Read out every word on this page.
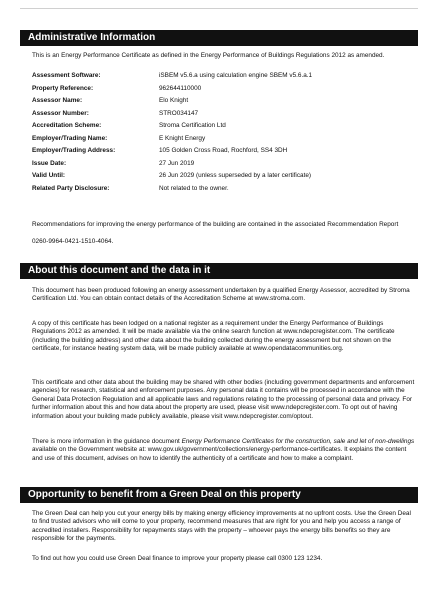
Administrative Information

This is an Energy Performance Certificate as defined in the Energy Performance of Buildings Regulations 2012 as amended.

Assessment Software:	iSBEM v5.6.a using calculation engine SBEM v5.6.a.1
Property Reference:	962644110000
Assessor Name:	Elo Knight
Assessor Number:	STRO034147
Accreditation Scheme:	Stroma Certification Ltd
Employer/Trading Name:	E Knight Energy
Employer/Trading Address:	105 Golden Cross Road, Rochford, SS4 3DH
Issue Date:	27 Jun 2019
Valid Until:	26 Jun 2029 (unless superseded by a later certificate)
Related Party Disclosure:	Not related to the owner.

Recommendations for improving the energy performance of the building are contained in the associated Recommendation Report

0260-9964-0421-1510-4064.

About this document and the data in it

This document has been produced following an energy assessment undertaken by a qualified Energy Assessor, accredited by Stroma Certification Ltd. You can obtain contact details of the Accreditation Scheme at www.stroma.com.

A copy of this certificate has been lodged on a national register as a requirement under the Energy Performance of Buildings Regulations 2012 as amended. It will be made available via the online search function at www.ndepcregister.com. The certificate (including the building address) and other data about the building collected during the energy assessment but not shown on the certificate, for instance heating system data, will be made publicly available at www.opendatacommunities.org.

This certificate and other data about the building may be shared with other bodies (including government departments and enforcement agencies) for research, statistical and enforcement purposes. Any personal data it contains will be processed in accordance with the General Data Protection Regulation and all applicable laws and regulations relating to the processing of personal data and privacy. For further information about this and how data about the property are used, please visit www.ndepcregister.com. To opt out of having information about your building made publicly available, please visit www.ndepcregister.com/optout.

There is more information in the guidance document Energy Performance Certificates for the construction, sale and let of non-dwellings available on the Government website at: www.gov.uk/government/collections/energy-performance-certificates. It explains the content and use of this document, advises on how to identify the authenticity of a certificate and how to make a complaint.

Opportunity to benefit from a Green Deal on this property

The Green Deal can help you cut your energy bills by making energy efficiency improvements at no upfront costs. Use the Green Deal to find trusted advisors who will come to your property, recommend measures that are right for you and help you access a range of accredited installers. Responsibility for repayments stays with the property – whoever pays the energy bills benefits so they are responsible for the payments.

To find out how you could use Green Deal finance to improve your property please call 0300 123 1234.
